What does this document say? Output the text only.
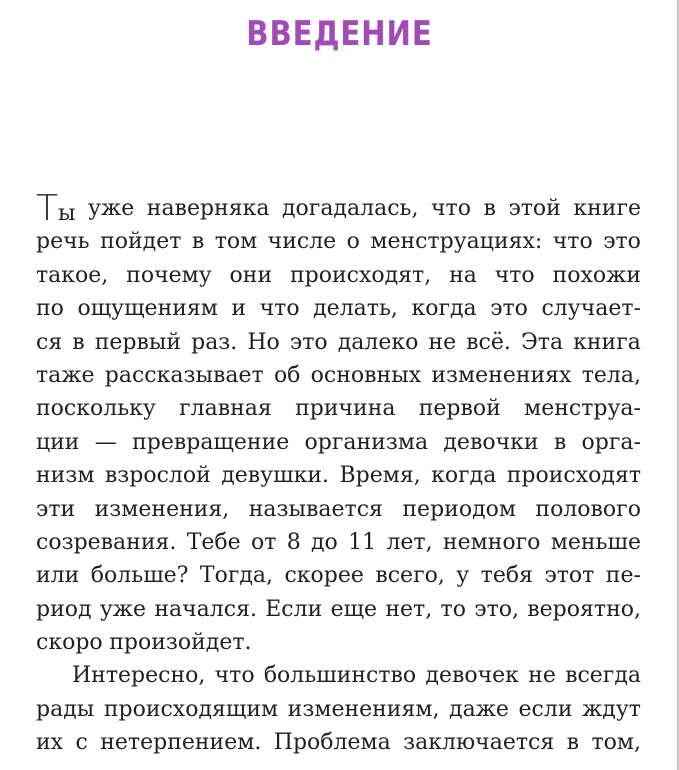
ВВЕДЕНИЕ
Ты уже наверняка догадалась, что в этой книге
речь пойдет в том числе о менструациях: что это
такое, почему они происходят, на что похожи
по ощущениям и что делать, когда это случает-
ся в первый раз. Но это далеко не всё. Эта книга
таже рассказывает об основных изменениях тела,
поскольку главная причина первой менструа-
ции — превращение организма девочки в орга-
низм взрослой девушки. Время, когда происходят
эти изменения, называется периодом полового
созревания. Тебе от 8 до 11 лет, немного меньше
или больше? Тогда, скорее всего, у тебя этот пе-
риод уже начался. Если еще нет, то это, вероятно,
скоро произойдет.
Интересно, что большинство девочек не всегда
рады происходящим изменениям, даже если ждут
их с нетерпением. Проблема заключается в том,
